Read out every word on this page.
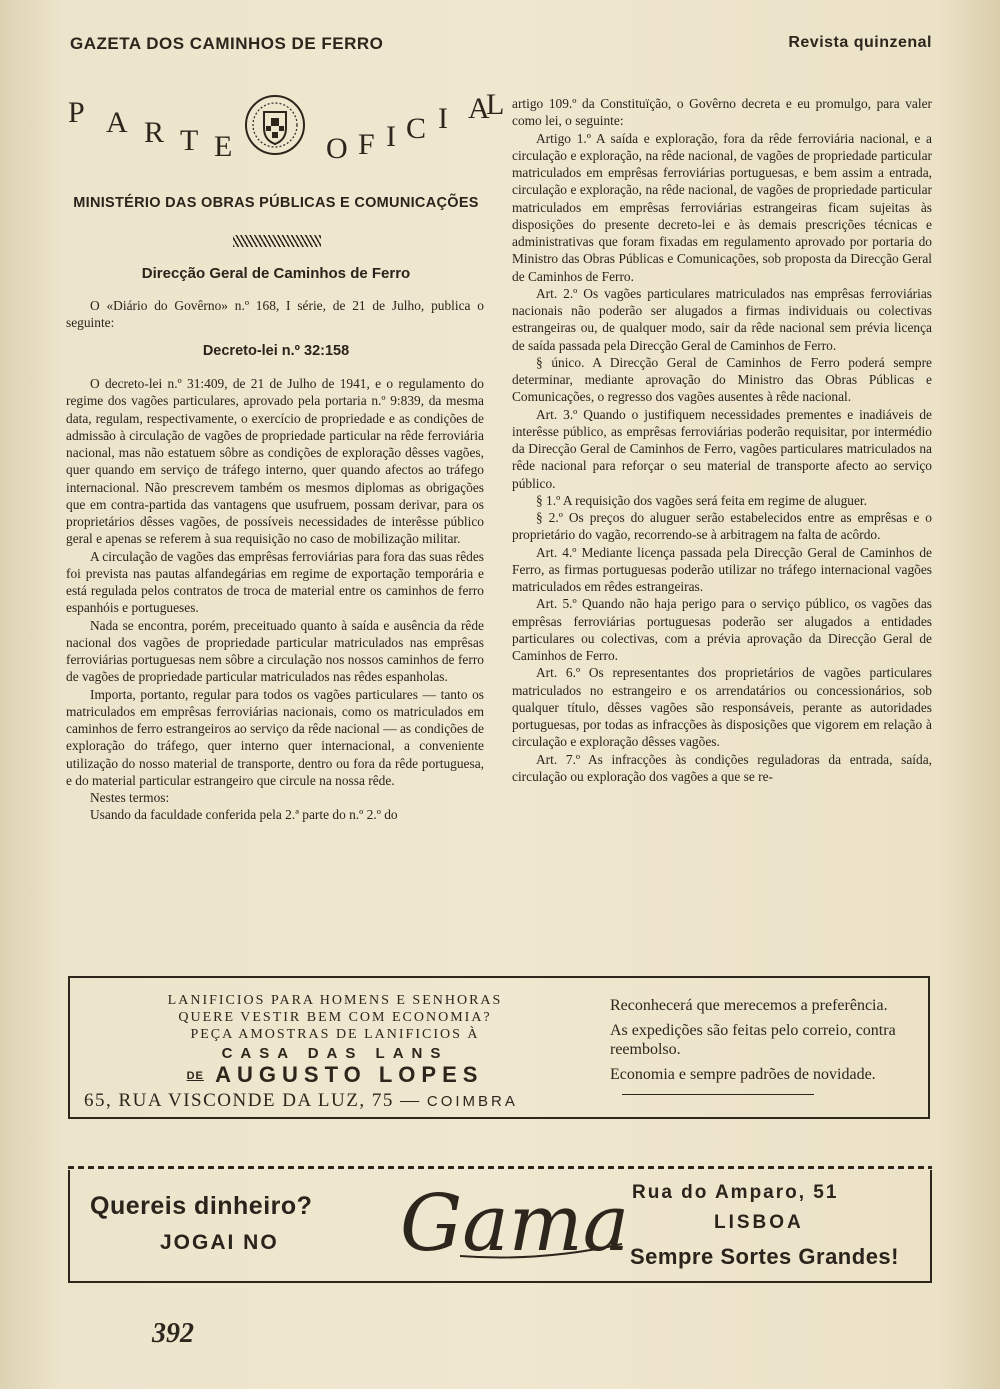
GAZETA DOS CAMINHOS DE FERRO	Revista quinzenal
P A R T E	O F I C I A
L
MINISTÉRIO DAS OBRAS PÚBLICAS E COMUNICAÇÕES
Direcção Geral de Caminhos de Ferro

O «Diário do Govêrno» n.º 168, I série, de 21 de Julho, publica o seguinte:

Decreto-lei n.º 32:158

O decreto-lei n.º 31:409, de 21 de Julho de 1941, e o regulamento do regime dos vagões particulares, aprovado pela portaria n.º 9:839, da mesma data, regulam, respectivamente, o exercício de propriedade e as condições de admissão à circulação de vagões de propriedade particular na rêde ferroviária nacional, mas não estatuem sôbre as condições de exploração dêsses vagões, quer quando em serviço de tráfego interno, quer quando afectos ao tráfego internacional. Não prescrevem também os mesmos diplomas as obrigações que em contra-partida das vantagens que usufruem, possam derivar, para os proprietários dêsses vagões, de possíveis necessidades de interêsse público geral e apenas se referem à sua requisição no caso de mobilização militar.

A circulação de vagões das emprêsas ferroviárias para fora das suas rêdes foi prevista nas pautas alfandegárias em regime de exportação temporária e está regulada pelos contratos de troca de material entre os caminhos de ferro espanhóis e portugueses.

Nada se encontra, porém, preceituado quanto à saída e ausência da rêde nacional dos vagões de propriedade particular matriculados nas emprêsas ferroviárias portuguesas nem sôbre a circulação nos nossos caminhos de ferro de vagões de propriedade particular matriculados nas rêdes espanholas.

Importa, portanto, regular para todos os vagões particulares — tanto os matriculados em emprêsas ferroviárias nacionais, como os matriculados em caminhos de ferro estrangeiros ao serviço da rêde nacional — as condições de exploração do tráfego, quer interno quer internacional, a conveniente utilização do nosso material de transporte, dentro ou fora da rêde portuguesa, e do material particular estrangeiro que circule na nossa rêde.

Nestes termos:

Usando da faculdade conferida pela 2.ª parte do n.º 2.º do

artigo 109.º da Constituïção, o Govêrno decreta e eu promulgo, para valer como lei, o seguinte:

Artigo 1.º A saída e exploração, fora da rêde ferroviária nacional, e a circulação e exploração, na rêde nacional, de vagões de propriedade particular matriculados em emprêsas ferroviárias portuguesas, e bem assim a entrada, circulação e exploração, na rêde nacional, de vagões de propriedade particular matriculados em emprêsas ferroviárias estrangeiras ficam sujeitas às disposições do presente decreto-lei e às demais prescrições técnicas e administrativas que foram fixadas em regulamento aprovado por portaria do Ministro das Obras Públicas e Comunicações, sob proposta da Direcção Geral de Caminhos de Ferro.

Art. 2.º Os vagões particulares matriculados nas emprêsas ferroviárias nacionais não poderão ser alugados a firmas individuais ou colectivas estrangeiras ou, de qualquer modo, sair da rêde nacional sem prévia licença de saída passada pela Direcção Geral de Caminhos de Ferro.

§ único. A Direcção Geral de Caminhos de Ferro poderá sempre determinar, mediante aprovação do Ministro das Obras Públicas e Comunicações, o regresso dos vagões ausentes à rêde nacional.

Art. 3.º Quando o justifiquem necessidades prementes e inadiáveis de interêsse público, as emprêsas ferroviárias poderão requisitar, por intermédio da Direcção Geral de Caminhos de Ferro, vagões particulares matriculados na rêde nacional para reforçar o seu material de transporte afecto ao serviço público.

§ 1.º A requisição dos vagões será feita em regime de aluguer.

§ 2.º Os preços do aluguer serão estabelecidos entre as emprêsas e o proprietário do vagão, recorrendo-se à arbitragem na falta de acôrdo.

Art. 4.º Mediante licença passada pela Direcção Geral de Caminhos de Ferro, as firmas portuguesas poderão utilizar no tráfego internacional vagões matriculados em rêdes estrangeiras.

Art. 5.º Quando não haja perigo para o serviço público, os vagões das emprêsas ferroviárias portuguesas poderão ser alugados a entidades particulares ou colectivas, com a prévia aprovação da Direcção Geral de Caminhos de Ferro.

Art. 6.º Os representantes dos proprietários de vagões particulares matriculados no estrangeiro e os arrendatários ou concessionários, sob qualquer título, dêsses vagões são responsáveis, perante as autoridades portuguesas, por todas as infracções às disposições que vigorem em relação à circulação e exploração dêsses vagões.

Art. 7.º As infracções às condições reguladoras da entrada, saída, circulação ou exploração dos vagões a que se re-

LANIFICIOS PARA HOMENS E SENHORAS
QUERE VESTIR BEM COM ECONOMIA?
PEÇA AMOSTRAS DE LANIFICIOS À
CASA DAS LANS
DE AUGUSTO LOPES
65, RUA VISCONDE DA LUZ, 75 — COIMBRA

Reconhecerá que merecemos a preferência.

As expedições são feitas pelo correio, contra reembolso.

Economia e sempre padrões de novidade.

Quereis dinheiro?
JOGAI NO Gama Rua do Amparo, 51
LISBOA
Sempre Sortes Grandes!
392
